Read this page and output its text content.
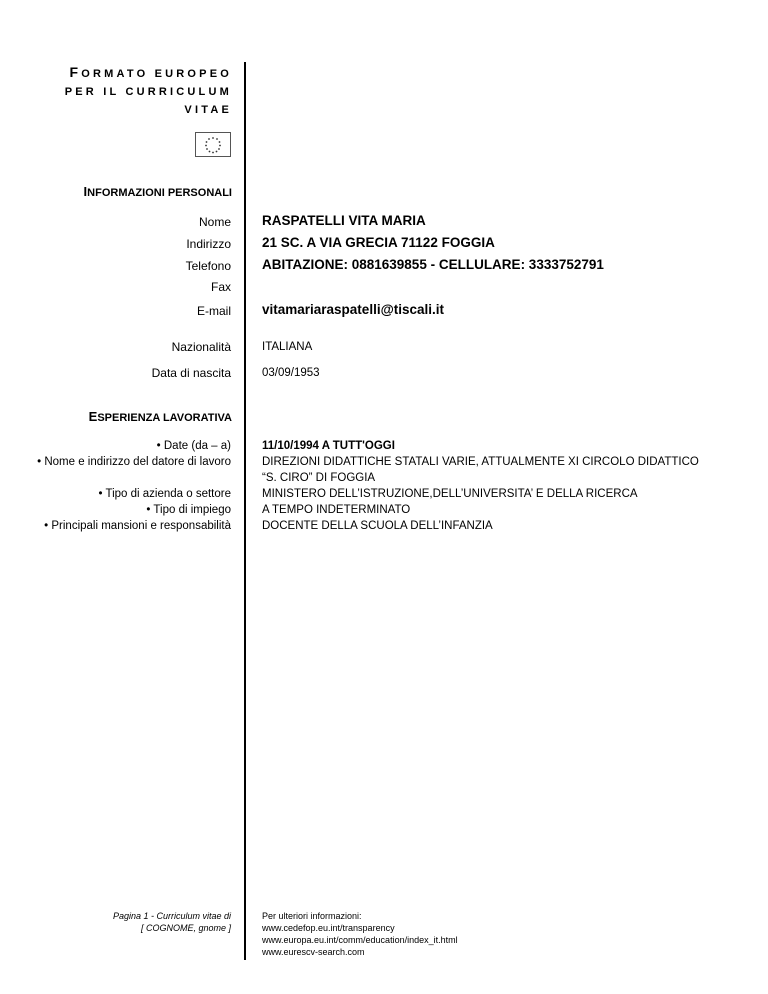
FORMATO EUROPEO
PER IL CURRICULUM
VITAE
INFORMAZIONI PERSONALI
Nome RASPATELLI VITA MARIA
Indirizzo 21 SC. A VIA GRECIA 71122 FOGGIA
Telefono ABITAZIONE: 0881639855 - CELLULARE: 3333752791
Fax
E-mail vitamariaraspatelli@tiscali.it
Nazionalità	ITALIANA
Data di nascita	03/09/1953
ESPERIENZA LAVORATIVA
• Date (da – a)
• Nome e indirizzo del datore di lavoro
• Tipo di azienda o settore
• Tipo di impiego
• Principali mansioni e responsabilità
11/10/1994 A TUTT'OGGI
DIREZIONI DIDATTICHE STATALI VARIE, ATTUALMENTE XI CIRCOLO DIDATTICO “S. CIRO” DI FOGGIA
MINISTERO DELL’ISTRUZIONE,DELL’UNIVERSITA’ E DELLA RICERCA
A TEMPO INDETERMINATO
DOCENTE DELLA SCUOLA DELL’INFANZIA
Pagina 1 - Curriculum vitae di
[ COGNOME, gnome ]
Per ulteriori informazioni:
www.cedefop.eu.int/transparency
www.europa.eu.int/comm/education/index_it.html
www.eurescv-search.com
